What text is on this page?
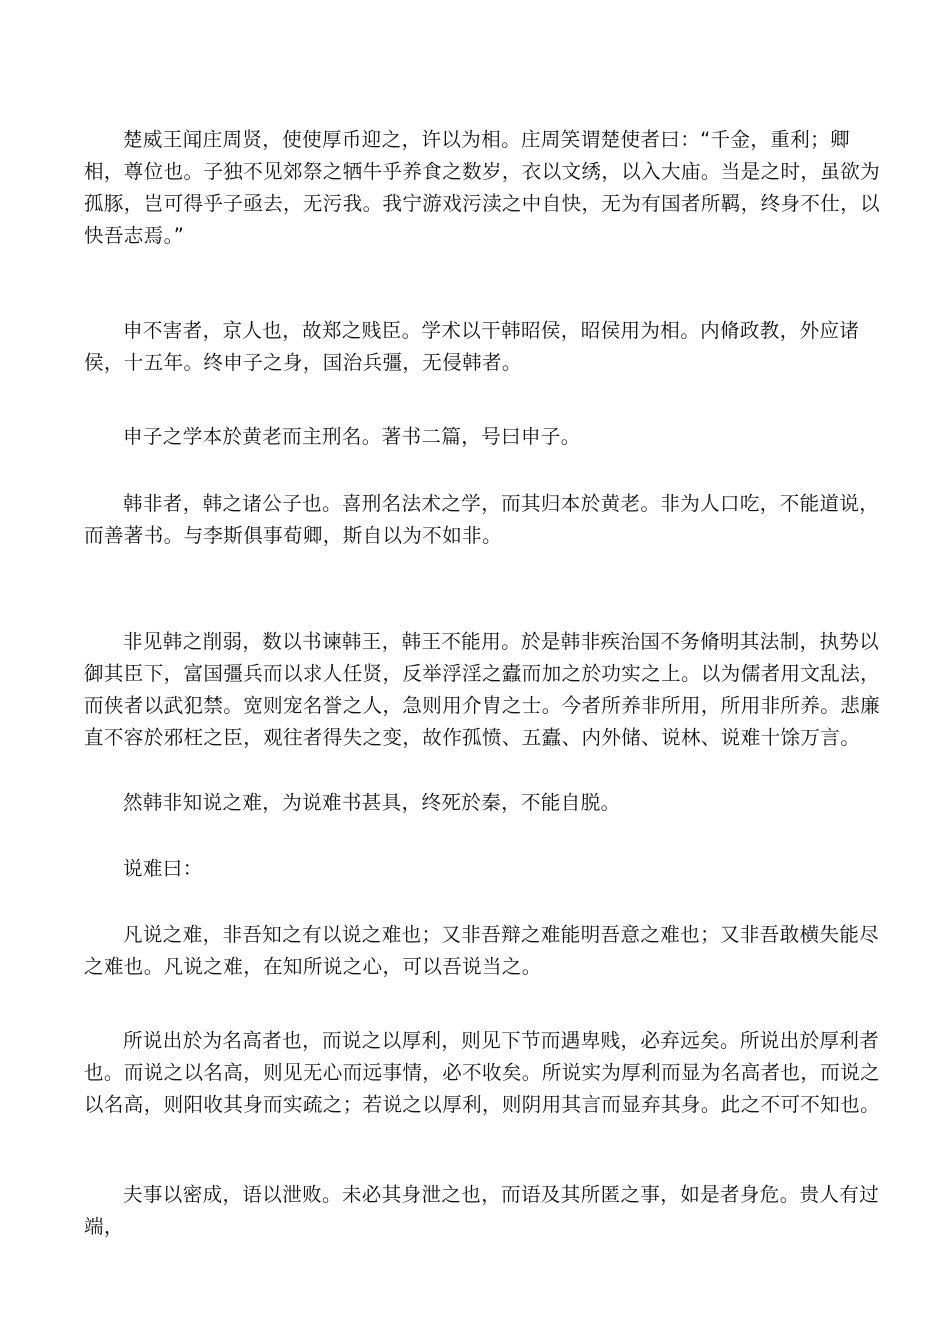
楚威王闻庄周贤，使使厚币迎之，许以为相。庄周笑谓楚使者曰：“千金，重利；卿相，尊位也。子独不见郊祭之牺牛乎养食之数岁，衣以文绣，以入大庙。当是之时，虽欲为孤豚，岂可得乎子亟去，无污我。我宁游戏污渎之中自快，无为有国者所羁，终身不仕，以快吾志焉。”

申不害者，京人也，故郑之贱臣。学术以干韩昭侯，昭侯用为相。内脩政教，外应诸侯，十五年。终申子之身，国治兵彊，无侵韩者。

申子之学本於黄老而主刑名。著书二篇，号曰申子。

韩非者，韩之诸公子也。喜刑名法术之学，而其归本於黄老。非为人口吃，不能道说，而善著书。与李斯俱事荀卿，斯自以为不如非。

非见韩之削弱，数以书谏韩王，韩王不能用。於是韩非疾治国不务脩明其法制，执势以御其臣下，富国彊兵而以求人任贤，反举浮淫之蠹而加之於功实之上。以为儒者用文乱法，而侠者以武犯禁。宽则宠名誉之人，急则用介胄之士。今者所养非所用，所用非所养。悲廉直不容於邪枉之臣，观往者得失之变，故作孤愤、五蠹、内外储、说林、说难十馀万言。

然韩非知说之难，为说难书甚具，终死於秦，不能自脱。

说难曰：

凡说之难，非吾知之有以说之难也；又非吾辩之难能明吾意之难也；又非吾敢横失能尽之难也。凡说之难，在知所说之心，可以吾说当之。

所说出於为名高者也，而说之以厚利，则见下节而遇卑贱，必弃远矣。所说出於厚利者也。而说之以名高，则见无心而远事情，必不收矣。所说实为厚利而显为名高者也，而说之以名高，则阳收其身而实疏之；若说之以厚利，则阴用其言而显弃其身。此之不可不知也。

夫事以密成，语以泄败。未必其身泄之也，而语及其所匿之事，如是者身危。贵人有过端，
